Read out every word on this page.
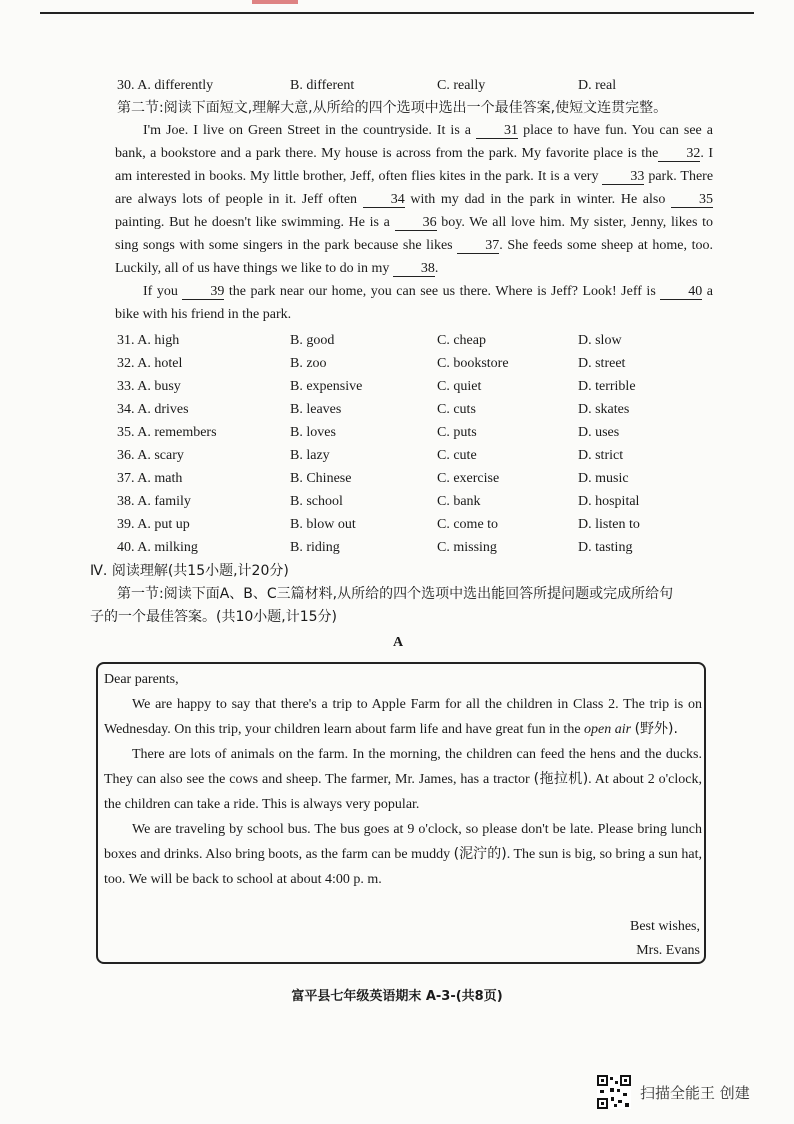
30. A. differently	B. different	C. really	D. real
第二节:阅读下面短文,理解大意,从所给的四个选项中选出一个最佳答案,使短文连贯完整。

I'm Joe. I live on Green Street in the countryside. It is a 31 place to have fun. You can see a bank, a bookstore and a park there. My house is across from the park. My favorite place is the 32. I am interested in books. My little brother, Jeff, often flies kites in the park. It is a very 33 park. There are always lots of people in it. Jeff often 34 with my dad in the park in winter. He also 35 painting. But he doesn't like swimming. He is a 36 boy. We all love him. My sister, Jenny, likes to sing songs with some singers in the park because she likes 37. She feeds some sheep at home, too. Luckily, all of us have things we like to do in my 38.

If you 39 the park near our home, you can see us there. Where is Jeff? Look! Jeff is 40 a bike with his friend in the park.

31. A. high	B. good	C. cheap	D. slow
32. A. hotel	B. zoo	C. bookstore	D. street
33. A. busy	B. expensive	C. quiet	D. terrible
34. A. drives	B. leaves	C. cuts	D. skates
35. A. remembers	B. loves	C. puts	D. uses
36. A. scary	B. lazy	C. cute	D. strict
37. A. math	B. Chinese	C. exercise	D. music
38. A. family	B. school	C. bank	D. hospital
39. A. put up	B. blow out	C. come to	D. listen to
40. A. milking	B. riding	C. missing	D. tasting
Ⅳ. 阅读理解(共15小题,计20分)
第一节:阅读下面A、B、C三篇材料,从所给的四个选项中选出能回答所提问题或完成所给句
子的一个最佳答案。(共10小题,计15分)
A

Dear parents,

We are happy to say that there's a trip to Apple Farm for all the children in Class 2. The trip is on Wednesday. On this trip, your children learn about farm life and have great fun in the open air (野外).

There are lots of animals on the farm. In the morning, the children can feed the hens and the ducks. They can also see the cows and sheep. The farmer, Mr. James, has a tractor (拖拉机). At about 2 o'clock, the children can take a ride. This is always very popular.

We are traveling by school bus. The bus goes at 9 o'clock, so please don't be late. Please bring lunch boxes and drinks. Also bring boots, as the farm can be muddy (泥泞的). The sun is big, so bring a sun hat, too. We will be back to school at about 4:00 p. m.

Best wishes,
Mrs. Evans
富平县七年级英语期末 A-3-(共8页)
扫描全能王 创建
